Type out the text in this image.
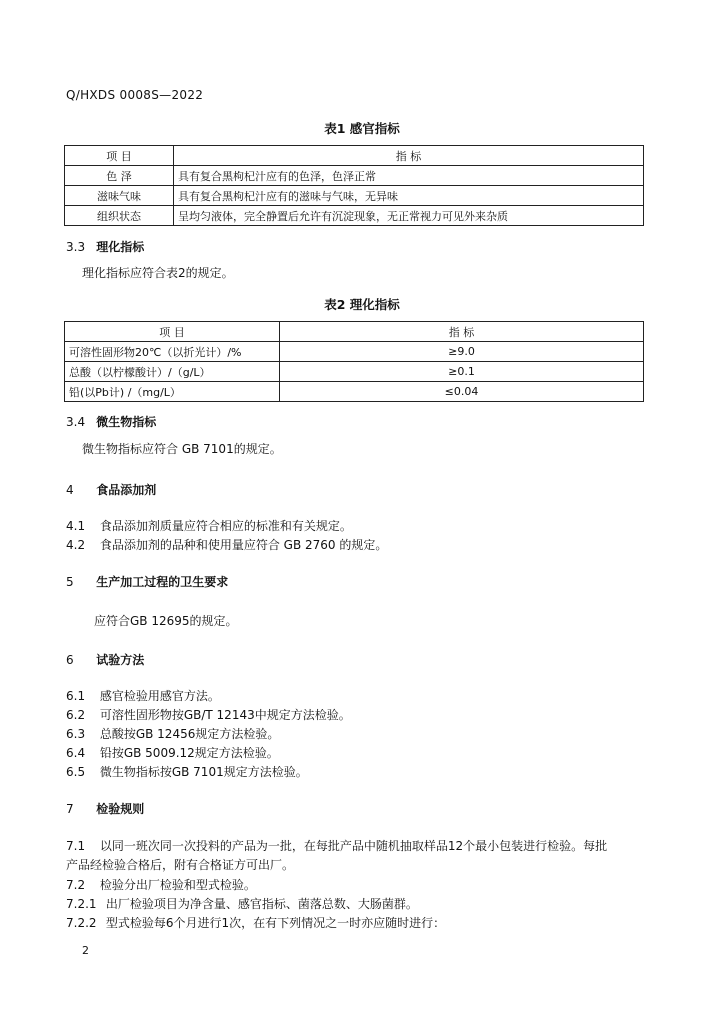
Q/HXDS 0008S—2022
表1 感官指标
项 目	指 标
色 泽	具有复合黑枸杞汁应有的色泽，色泽正常
滋味气味	具有复合黑枸杞汁应有的滋味与气味，无异味
组织状态	呈均匀液体，完全静置后允许有沉淀现象，无正常视力可见外来杂质
3.3 理化指标
理化指标应符合表2的规定。
表2 理化指标
项 目	指 标
可溶性固形物20℃（以折光计）/%	≥9.0
总酸（以柠檬酸计）/（g/L）	≥0.1
铅(以Pb计) /（mg/L）	≤0.04
3.4 微生物指标
微生物指标应符合 GB 7101的规定。
4 食品添加剂
4.1 食品添加剂质量应符合相应的标准和有关规定。
4.2 食品添加剂的品种和使用量应符合 GB 2760 的规定。
5 生产加工过程的卫生要求
应符合GB 12695的规定。
6 试验方法
6.1 感官检验用感官方法。
6.2 可溶性固形物按GB/T 12143中规定方法检验。
6.3 总酸按GB 12456规定方法检验。
6.4 铅按GB 5009.12规定方法检验。
6.5 微生物指标按GB 7101规定方法检验。
7 检验规则
7.1 以同一班次同一次投料的产品为一批，在每批产品中随机抽取样品12个最小包装进行检验。每批
产品经检验合格后，附有合格证方可出厂。
7.2 检验分出厂检验和型式检验。
7.2.1 出厂检验项目为净含量、感官指标、菌落总数、大肠菌群。
7.2.2 型式检验每6个月进行1次，在有下列情况之一时亦应随时进行：
2
